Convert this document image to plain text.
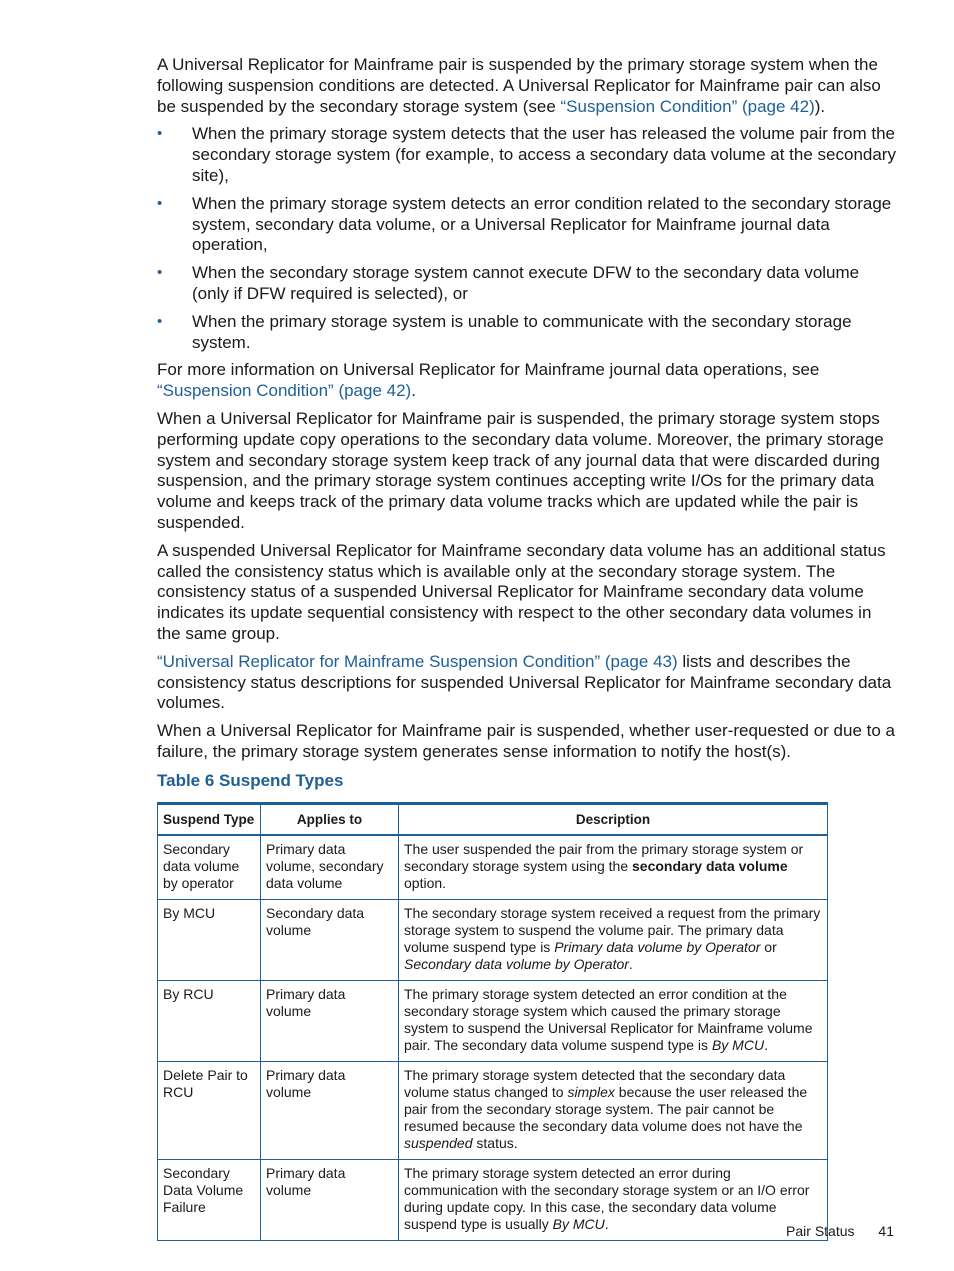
A Universal Replicator for Mainframe pair is suspended by the primary storage system when the following suspension conditions are detected. A Universal Replicator for Mainframe pair can also be suspended by the secondary storage system (see “Suspension Condition” (page 42)).

• When the primary storage system detects that the user has released the volume pair from the secondary storage system (for example, to access a secondary data volume at the secondary site),
• When the primary storage system detects an error condition related to the secondary storage system, secondary data volume, or a Universal Replicator for Mainframe journal data operation,
• When the secondary storage system cannot execute DFW to the secondary data volume (only if DFW required is selected), or
• When the primary storage system is unable to communicate with the secondary storage system.

For more information on Universal Replicator for Mainframe journal data operations, see “Suspension Condition” (page 42).

When a Universal Replicator for Mainframe pair is suspended, the primary storage system stops performing update copy operations to the secondary data volume. Moreover, the primary storage system and secondary storage system keep track of any journal data that were discarded during suspension, and the primary storage system continues accepting write I/Os for the primary data volume and keeps track of the primary data volume tracks which are updated while the pair is suspended.

A suspended Universal Replicator for Mainframe secondary data volume has an additional status called the consistency status which is available only at the secondary storage system. The consistency status of a suspended Universal Replicator for Mainframe secondary data volume indicates its update sequential consistency with respect to the other secondary data volumes in the same group.

“Universal Replicator for Mainframe Suspension Condition” (page 43) lists and describes the consistency status descriptions for suspended Universal Replicator for Mainframe secondary data volumes.

When a Universal Replicator for Mainframe pair is suspended, whether user-requested or due to a failure, the primary storage system generates sense information to notify the host(s).

Table 6 Suspend Types
Suspend Type	Applies to	Description
Secondary data volume by operator	Primary data volume, secondary data volume	The user suspended the pair from the primary storage system or secondary storage system using the secondary data volume option.
By MCU	Secondary data volume	The secondary storage system received a request from the primary storage system to suspend the volume pair. The primary data volume suspend type is Primary data volume by Operator or Secondary data volume by Operator.
By RCU	Primary data volume	The primary storage system detected an error condition at the secondary storage system which caused the primary storage system to suspend the Universal Replicator for Mainframe volume pair. The secondary data volume suspend type is By MCU.
Delete Pair to RCU	Primary data volume	The primary storage system detected that the secondary data volume status changed to simplex because the user released the pair from the secondary storage system. The pair cannot be resumed because the secondary data volume does not have the suspended status.
Secondary Data Volume Failure	Primary data volume	The primary storage system detected an error during communication with the secondary storage system or an I/O error during update copy. In this case, the secondary data volume suspend type is usually By MCU.	Pair Status 41
